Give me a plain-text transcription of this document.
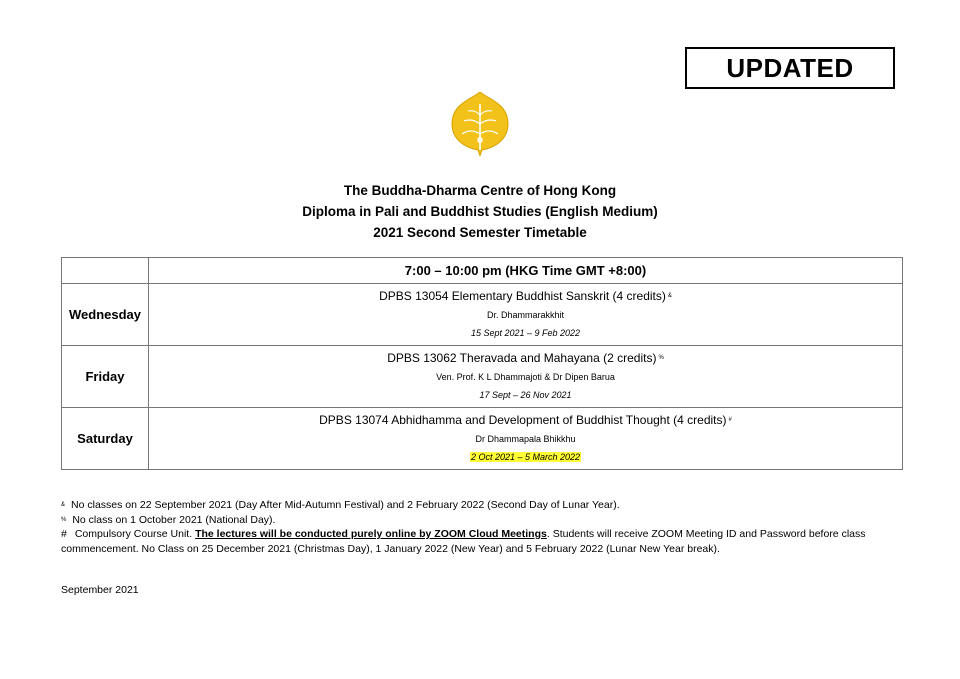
UPDATED
The Buddha-Dharma Centre of Hong Kong
Diploma in Pali and Buddhist Studies (English Medium)
2021 Second Semester Timetable
	7:00 – 10:00 pm (HKG Time GMT +8:00)
Wednesday	DPBS 13054 Elementary Buddhist Sanskrit (4 credits) &
Dr. Dhammarakkhit
15 Sept 2021 – 9 Feb 2022

Friday	DPBS 13062 Theravada and Mahayana (2 credits) %
Ven. Prof. K L Dhammajoti & Dr Dipen Barua
17 Sept – 26 Nov 2021

Saturday	DPBS 13074 Abhidhamma and Development of Buddhist Thought (4 credits) #
Dr Dhammapala Bhikkhu
2 Oct 2021 – 5 March 2022
& No classes on 22 September 2021 (Day After Mid-Autumn Festival) and 2 February 2022 (Second Day of Lunar Year).
% No class on 1 October 2021 (National Day).
# Compulsory Course Unit. The lectures will be conducted purely online by ZOOM Cloud Meetings. Students will receive ZOOM Meeting ID and Password before class commencement. No Class on 25 December 2021 (Christmas Day), 1 January 2022 (New Year) and 5 February 2022 (Lunar New Year break).
September 2021
